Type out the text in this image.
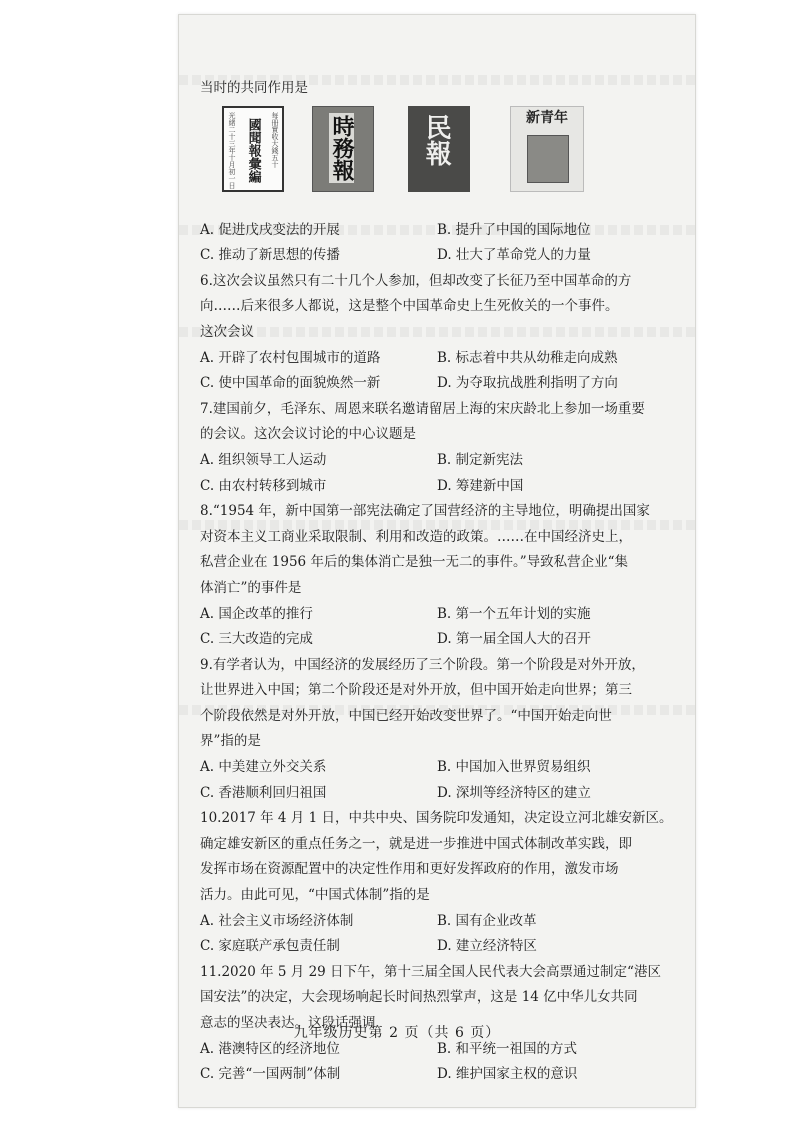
当时的共同作用是
光緒二十三年十月初一日 國聞報彙編 每冊實收大錢五十 時務報	民報	新青年
A. 促进戊戌变法的开展	B. 提升了中国的国际地位
C. 推动了新思想的传播	D. 壮大了革命党人的力量
6.这次会议虽然只有二十几个人参加，但却改变了长征乃至中国革命的方
向……后来很多人都说，这是整个中国革命史上生死攸关的一个事件。
这次会议
A. 开辟了农村包围城市的道路	B. 标志着中共从幼稚走向成熟
C. 使中国革命的面貌焕然一新	D. 为夺取抗战胜利指明了方向
7.建国前夕，毛泽东、周恩来联名邀请留居上海的宋庆龄北上参加一场重要
的会议。这次会议讨论的中心议题是
A. 组织领导工人运动	B. 制定新宪法
C. 由农村转移到城市	D. 筹建新中国
8.“1954 年，新中国第一部宪法确定了国营经济的主导地位，明确提出国家
对资本主义工商业采取限制、利用和改造的政策。……在中国经济史上，
私营企业在 1956 年后的集体消亡是独一无二的事件。”导致私营企业“集
体消亡”的事件是
A. 国企改革的推行	B. 第一个五年计划的实施
C. 三大改造的完成	D. 第一届全国人大的召开
9.有学者认为，中国经济的发展经历了三个阶段。第一个阶段是对外开放，
让世界进入中国；第二个阶段还是对外开放，但中国开始走向世界；第三
个阶段依然是对外开放，中国已经开始改变世界了。“中国开始走向世
界”指的是
A. 中美建立外交关系	B. 中国加入世界贸易组织
C. 香港顺利回归祖国	D. 深圳等经济特区的建立
10.2017 年 4 月 1 日，中共中央、国务院印发通知，决定设立河北雄安新区。
确定雄安新区的重点任务之一，就是进一步推进中国式体制改革实践，即
发挥市场在资源配置中的决定性作用和更好发挥政府的作用，激发市场
活力。由此可见，“中国式体制”指的是
A. 社会主义市场经济体制	B. 国有企业改革
C. 家庭联产承包责任制	D. 建立经济特区
11.2020 年 5 月 29 日下午，第十三届全国人民代表大会高票通过制定“港区
国安法”的决定，大会现场响起长时间热烈掌声，这是 14 亿中华儿女共同
意志的坚决表达。这段话强调
A. 港澳特区的经济地位	B. 和平统一祖国的方式
C. 完善“一国两制”体制	D. 维护国家主权的意识
九年级历史第 2 页（共 6 页）
